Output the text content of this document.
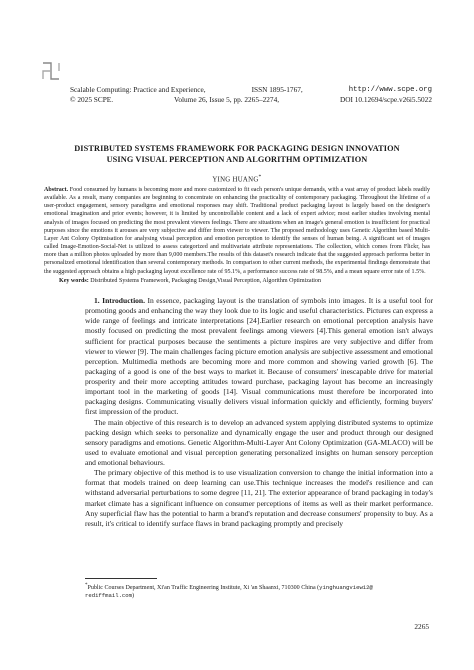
Scalable Computing: Practice and Experience,	ISSN 1895-1767,	http://www.scpe.org
© 2025 SCPE.	Volume 26, Issue 5, pp. 2265–2274,	DOI 10.12694/scpe.v26i5.5022
DISTRIBUTED SYSTEMS FRAMEWORK FOR PACKAGING DESIGN INNOVATION
USING VISUAL PERCEPTION AND ALGORITHM OPTIMIZATION
YING HUANG*
Abstract. Food consumed by humans is becoming more and more customized to fit each person's unique demands, with a vast array of product labels readily available. As a result, many companies are beginning to concentrate on enhancing the practicality of contemporary packaging. Throughout the lifetime of a user-product engagement, sensory paradigms and emotional responses may shift. Traditional product packaging layout is largely based on the designer's emotional imagination and prior events; however, it is limited by uncontrollable content and a lack of expert advice; most earlier studies involving mental analysis of images focused on predicting the most prevalent viewers feelings. There are situations when an image's general emotion is insufficient for practical purposes since the emotions it arouses are very subjective and differ from viewer to viewer. The proposed methodology uses Genetic Algorithm based Multi-Layer Ant Colony Optimisation for analysing visual perception and emotion perception to identify the senses of human being. A significant set of images called Image-Emotion-Social-Net is utilized to assess categorized and multivariate attribute representations. The collection, which comes from Flickr, has more than a million photos uploaded by more than 9,000 members.The results of this dataset's research indicate that the suggested approach performs better in personalized emotional identification than several contemporary methods. In comparison to other current methods, the experimental findings demonstrate that the suggested approach obtains a high packaging layout excellence rate of 95.1%, a performance success rate of 98.5%, and a mean square error rate of 1.5%.
Key words: Distributed Systems Framework, Packaging Design,Visual Perception, Algorithm Optimization

1. Introduction. In essence, packaging layout is the translation of symbols into images. It is a useful tool for promoting goods and enhancing the way they look due to its logic and useful characteristics. Pictures can express a wide range of feelings and intricate interpretations [24].Earlier research on emotional perception analysis have mostly focused on predicting the most prevalent feelings among viewers [4].This general emotion isn't always sufficient for practical purposes because the sentiments a picture inspires are very subjective and differ from viewer to viewer [9]. The main challenges facing picture emotion analysis are subjective assessment and emotional perception. Multimedia methods are becoming more and more common and showing varied growth [6]. The packaging of a good is one of the best ways to market it. Because of consumers' inescapable drive for material prosperity and their more accepting attitudes toward purchase, packaging layout has become an increasingly important tool in the marketing of goods [14]. Visual communications must therefore be incorporated into packaging designs. Communicating visually delivers visual information quickly and efficiently, forming buyers' first impression of the product.

The main objective of this research is to develop an advanced system applying distributed systems to optimize packing design which seeks to personalize and dynamically engage the user and product through our designed sensory paradigms and emotions. Genetic Algorithm-Multi-Layer Ant Colony Optimization (GA-MLACO) will be used to evaluate emotional and visual perception generating personalized insights on human sensory perception and emotional behaviours.

The primary objective of this method is to use visualization conversion to change the initial information into a format that models trained on deep learning can use.This technique increases the model's resilience and can withstand adversarial perturbations to some degree [11, 21]. The exterior appearance of brand packaging in today's market climate has a significant influence on consumer perceptions of items as well as their market performance. Any superficial flaw has the potential to harm a brand's reputation and decrease consumers' propensity to buy. As a result, it's critical to identify surface flaws in brand packaging promptly and precisely

*Public Courses Department, Xi'an Traffic Engineering Institute, Xi 'an Shaanxi, 710300 China (yinghuangview12@
rediffmail.com)
2265
